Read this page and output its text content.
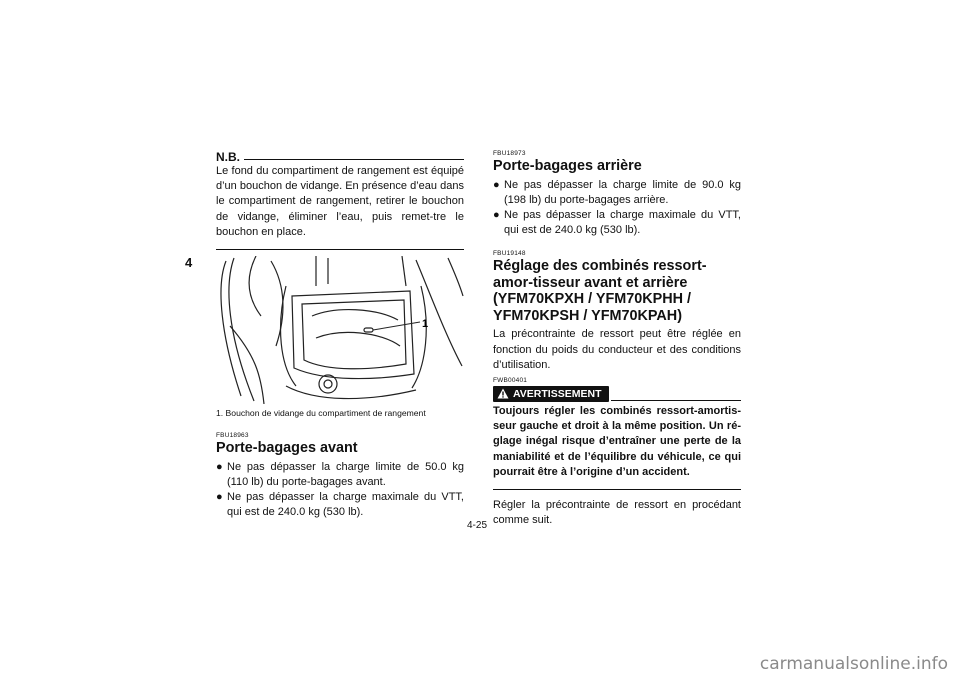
4
N.B.

Le fond du compartiment de rangement est équipé d’un bouchon de vidange. En présence d’eau dans le compartiment de rangement, retirer le bouchon de vidange, éliminer l’eau, puis remet-tre le bouchon en place.

1
1. Bouchon de vidange du compartiment de rangement
FBU18963
Porte-bagages avant
● Ne pas dépasser la charge limite de 50.0 kg (110 lb) du porte-bagages avant.
● Ne pas dépasser la charge maximale du VTT, qui est de 240.0 kg (530 lb).
FBU18973
Porte-bagages arrière
● Ne pas dépasser la charge limite de 90.0 kg (198 lb) du porte-bagages arrière.
● Ne pas dépasser la charge maximale du VTT, qui est de 240.0 kg (530 lb).
FBU19148
Réglage des combinés ressort-amor-tisseur avant et arrière (YFM70KPXH / YFM70KPHH / YFM70KPSH / YFM70KPAH)

La précontrainte de ressort peut être réglée en fonction du poids du conducteur et des conditions d’utilisation.

FWB00401
AVERTISSEMENT

Toujours régler les combinés ressort-amortis-seur gauche et droit à la même position. Un ré-glage inégal risque d’entraîner une perte de la maniabilité et de l’équilibre du véhicule, ce qui pourrait être à l’origine d’un accident.

Régler la précontrainte de ressort en procédant comme suit.

4-25
carmanualsonline.info
